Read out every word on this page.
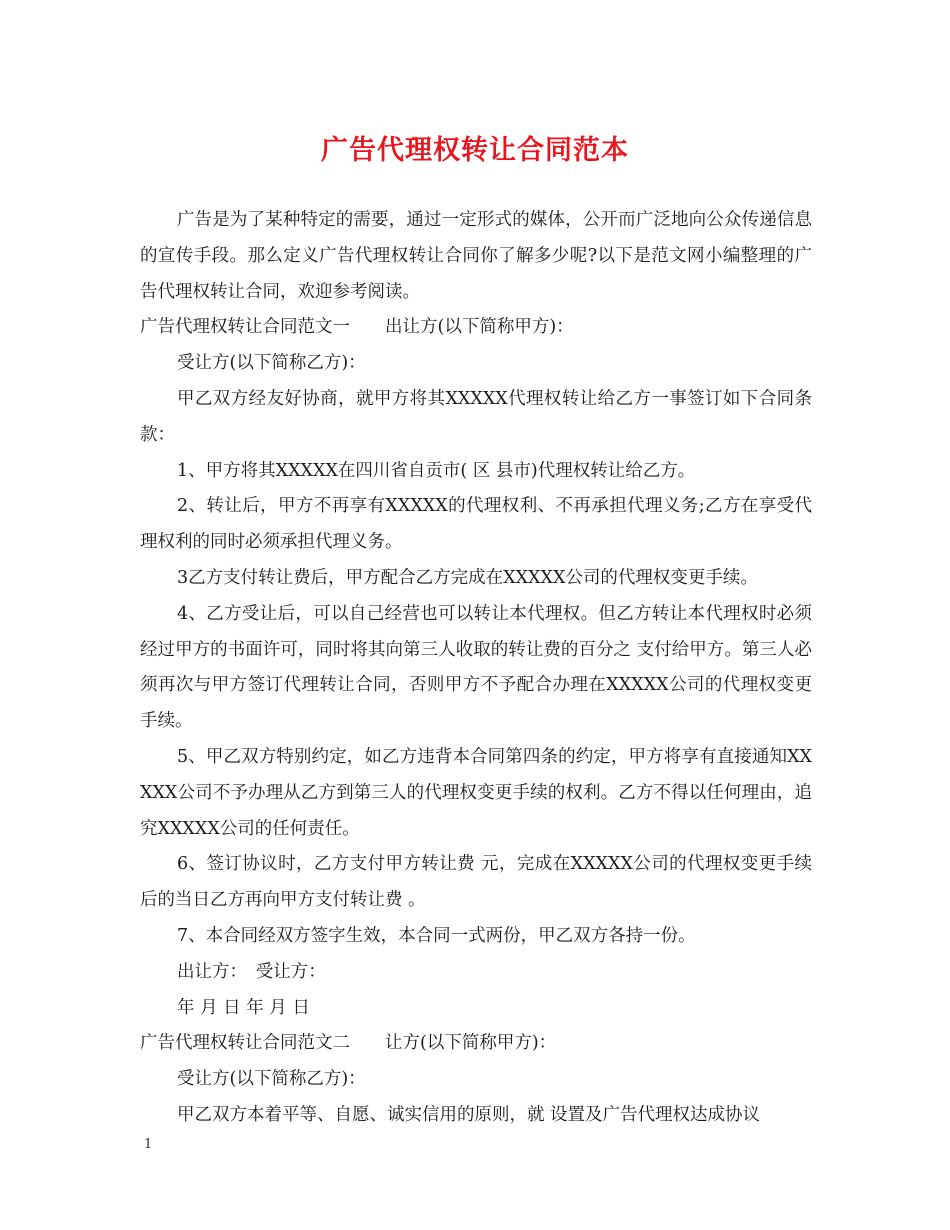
广告代理权转让合同范本

广告是为了某种特定的需要，通过一定形式的媒体，公开而广泛地向公众传递信息的宣传手段。那么定义广告代理权转让合同你了解多少呢?以下是范文网小编整理的广告代理权转让合同，欢迎参考阅读。

广告代理权转让合同范文一　　出让方(以下简称甲方)：

受让方(以下简称乙方)：

甲乙双方经友好协商，就甲方将其XXXXX代理权转让给乙方一事签订如下合同条款：

1、甲方将其XXXXX在四川省自贡市( 区 县市)代理权转让给乙方。

2、转让后，甲方不再享有XXXXX的代理权利、不再承担代理义务;乙方在享受代理权利的同时必须承担代理义务。

3乙方支付转让费后，甲方配合乙方完成在XXXXX公司的代理权变更手续。

4、乙方受让后，可以自己经营也可以转让本代理权。但乙方转让本代理权时必须经过甲方的书面许可，同时将其向第三人收取的转让费的百分之 支付给甲方。第三人必须再次与甲方签订代理转让合同，否则甲方不予配合办理在XXXXX公司的代理权变更手续。

5、甲乙双方特别约定，如乙方违背本合同第四条的约定，甲方将享有直接通知XXXXX公司不予办理从乙方到第三人的代理权变更手续的权利。乙方不得以任何理由，追究XXXXX公司的任何责任。

6、签订协议时，乙方支付甲方转让费 元，完成在XXXXX公司的代理权变更手续后的当日乙方再向甲方支付转让费 。

7、本合同经双方签字生效，本合同一式两份，甲乙双方各持一份。

出让方：　受让方：

年 月 日 年 月 日

广告代理权转让合同范文二　　让方(以下简称甲方)：

受让方(以下简称乙方)：

甲乙双方本着平等、自愿、诚实信用的原则，就 设置及广告代理权达成协议

1
